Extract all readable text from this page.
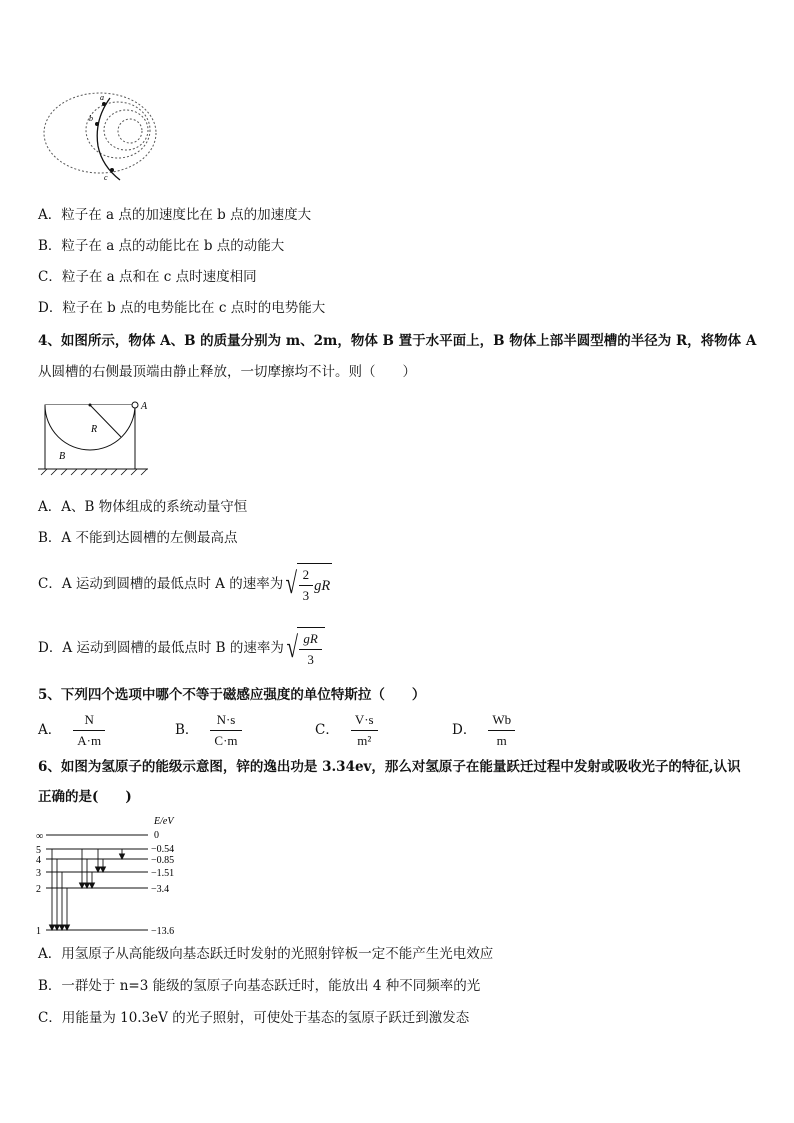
a
b
c
A．粒子在 a 点的加速度比在 b 点的加速度大
B．粒子在 a 点的动能比在 b 点的动能大
C．粒子在 a 点和在 c 点时速度相同
D．粒子在 b 点的电势能比在 c 点时的电势能大
4、如图所示，物体 A、B 的质量分别为 m、2m，物体 B 置于水平面上，B 物体上部半圆型槽的半径为 R，将物体 A
从圆槽的右侧最顶端由静止释放，一切摩擦均不计。则（　　）
A
R
B
A．A、B 物体组成的系统动量守恒
B．A 不能到达圆槽的左侧最高点
C．A 运动到圆槽的最低点时 A 的速率为 √ $\frac{2}{3}$ gR
D．A 运动到圆槽的最低点时 B 的速率为 √ $\frac{gR}{3}$
5、下列四个选项中哪个不等于磁感应强度的单位特斯拉（　　）
A． $\frac{N}{A\cdot m}$	B． $\frac{N\cdot s}{C\cdot m}$	C． $\frac{V\cdot s}{\text{m²}}$	D． $\frac{Wb}{m}$
6、如图为氢原子的能级示意图，锌的逸出功是 3.34ev，那么对氢原子在能量跃迁过程中发射或吸收光子的特征,认识
正确的是(　　)
E/eV
∞
5
4
3
2
1
0
−0.54
−0.85
−1.51
−3.4
−13.6
A．用氢原子从高能级向基态跃迁时发射的光照射锌板一定不能产生光电效应
B．一群处于 n=3 能级的氢原子向基态跃迁时，能放出 4 种不同频率的光
C．用能量为 10.3eV 的光子照射，可使处于基态的氢原子跃迁到激发态
